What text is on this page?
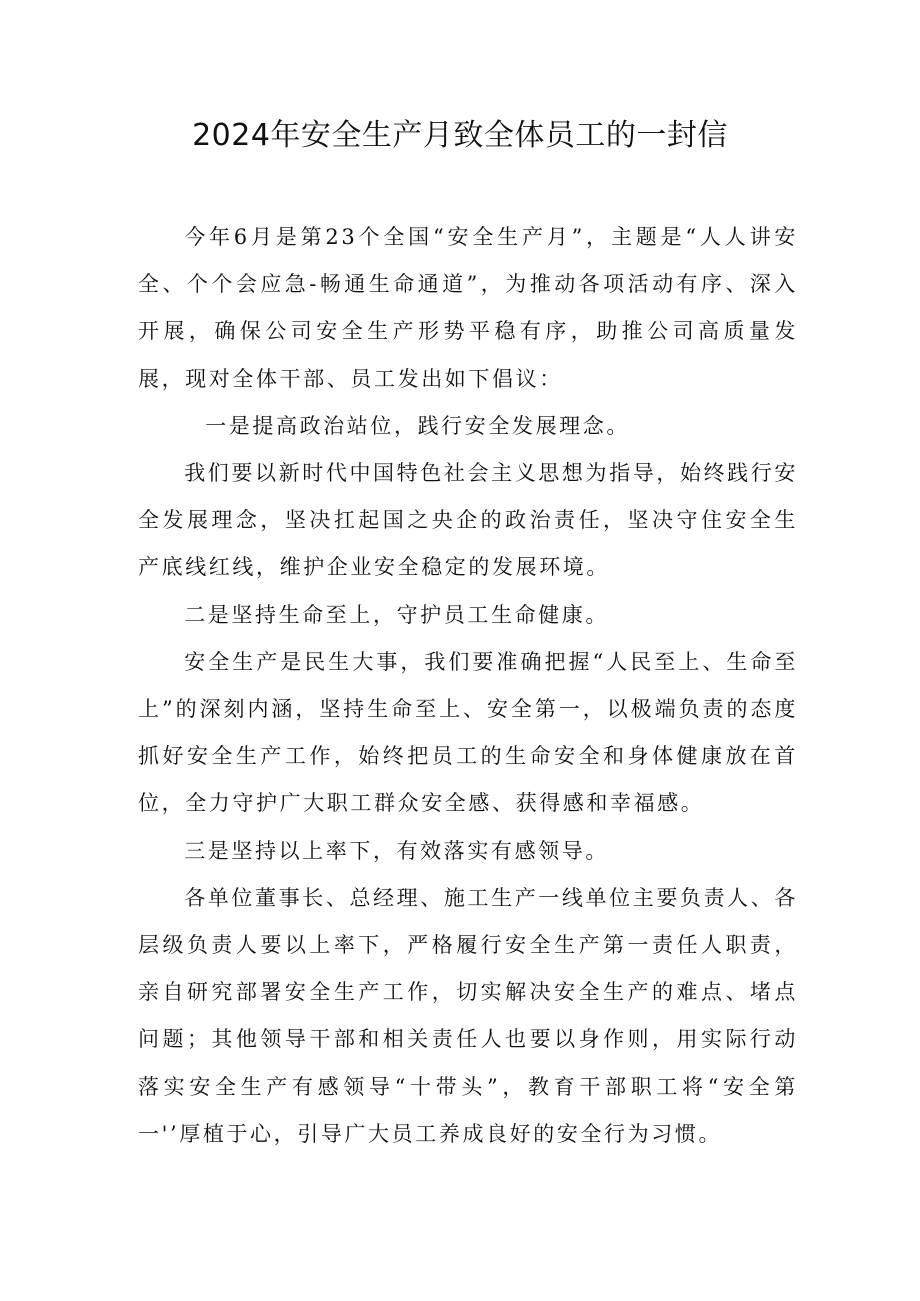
2024年安全生产月致全体员工的一封信

今年6月是第23个全国“安全生产月”，主题是“人人讲安全、个个会应急-畅通生命通道”，为推动各项活动有序、深入开展，确保公司安全生产形势平稳有序，助推公司高质量发展，现对全体干部、员工发出如下倡议：

一是提高政治站位，践行安全发展理念。

我们要以新时代中国特色社会主义思想为指导，始终践行安全发展理念，坚决扛起国之央企的政治责任，坚决守住安全生产底线红线，维护企业安全稳定的发展环境。

二是坚持生命至上，守护员工生命健康。

安全生产是民生大事，我们要准确把握“人民至上、生命至上”的深刻内涵，坚持生命至上、安全第一，以极端负责的态度抓好安全生产工作，始终把员工的生命安全和身体健康放在首位，全力守护广大职工群众安全感、获得感和幸福感。

三是坚持以上率下，有效落实有感领导。

各单位董事长、总经理、施工生产一线单位主要负责人、各层级负责人要以上率下，严格履行安全生产第一责任人职责，亲自研究部署安全生产工作，切实解决安全生产的难点、堵点问题；其他领导干部和相关责任人也要以身作则，用实际行动落实安全生产有感领导“十带头”，教育干部职工将“安全第一'’厚植于心，引导广大员工养成良好的安全行为习惯。
